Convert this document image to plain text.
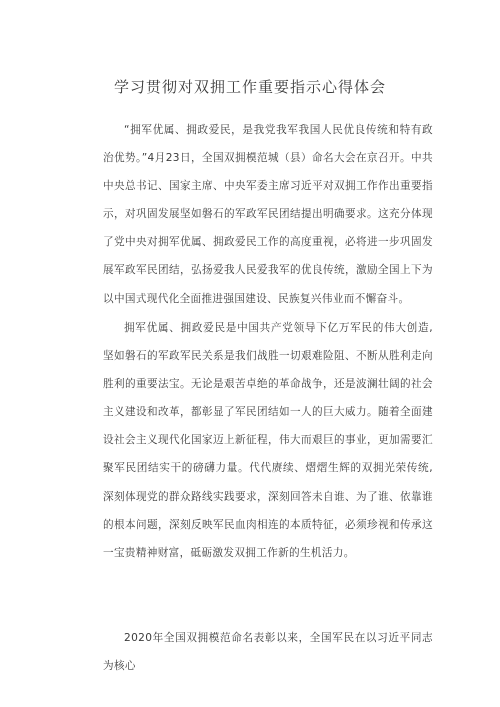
学习贯彻对双拥工作重要指示心得体会

“拥军优属、拥政爱民，是我党我军我国人民优良传统和特有政治优势。”4月23日，全国双拥模范城（县）命名大会在京召开。中共中央总书记、国家主席、中央军委主席习近平对双拥工作作出重要指示，对巩固发展坚如磐石的军政军民团结提出明确要求。这充分体现了党中央对拥军优属、拥政爱民工作的高度重视，必将进一步巩固发展军政军民团结，弘扬爱我人民爱我军的优良传统，激励全国上下为以中国式现代化全面推进强国建设、民族复兴伟业而不懈奋斗。

拥军优属、拥政爱民是中国共产党领导下亿万军民的伟大创造,坚如磐石的军政军民关系是我们战胜一切艰难险阻、不断从胜利走向胜利的重要法宝。无论是艰苦卓绝的革命战争，还是波澜壮阔的社会主义建设和改革，都彰显了军民团结如一人的巨大威力。随着全面建设社会主义现代化国家迈上新征程，伟大而艰巨的事业，更加需要汇聚军民团结实干的磅礴力量。代代赓续、熠熠生辉的双拥光荣传统,深刻体现党的群众路线实践要求，深刻回答未自谁、为了谁、依靠谁的根本问题，深刻反映军民血肉相连的本质特征，必须珍视和传承这一宝贵精神财富，砥砺激发双拥工作新的生机活力。

2020年全国双拥模范命名表彰以来，全国军民在以习近平同志为核心
